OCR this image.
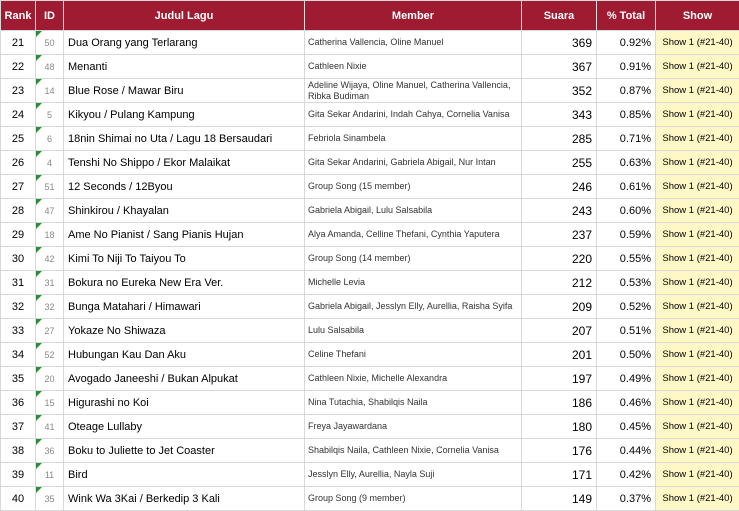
Rank	ID	Judul Lagu	Member	Suara	% Total	Show
21	50	Dua Orang yang Terlarang	Catherina Vallencia, Oline Manuel	369	0.92%	Show 1 (#21-40)
22	48	Menanti	Cathleen Nixie	367	0.91%	Show 1 (#21-40)
23	14	Blue Rose / Mawar Biru	Adeline Wijaya, Oline Manuel, Catherina Vallencia, Ribka Budiman	352	0.87%	Show 1 (#21-40)
24	5	Kikyou / Pulang Kampung	Gita Sekar Andarini, Indah Cahya, Cornelia Vanisa	343	0.85%	Show 1 (#21-40)
25	6	18nin Shimai no Uta / Lagu 18 Bersaudari	Febriola Sinambela	285	0.71%	Show 1 (#21-40)
26	4	Tenshi No Shippo / Ekor Malaikat	Gita Sekar Andarini, Gabriela Abigail, Nur Intan	255	0.63%	Show 1 (#21-40)
27	51	12 Seconds / 12Byou	Group Song (15 member)	246	0.61%	Show 1 (#21-40)
28	47	Shinkirou / Khayalan	Gabriela Abigail, Lulu Salsabila	243	0.60%	Show 1 (#21-40)
29	18	Ame No Pianist / Sang Pianis Hujan	Alya Amanda, Celline Thefani, Cynthia Yaputera	237	0.59%	Show 1 (#21-40)
30	42	Kimi To Niji To Taiyou To	Group Song (14 member)	220	0.55%	Show 1 (#21-40)
31	31	Bokura no Eureka New Era Ver.	Michelle Levia	212	0.53%	Show 1 (#21-40)
32	32	Bunga Matahari / Himawari	Gabriela Abigail, Jesslyn Elly, Aurellia, Raisha Syifa	209	0.52%	Show 1 (#21-40)
33	27	Yokaze No Shiwaza	Lulu Salsabila	207	0.51%	Show 1 (#21-40)
34	52	Hubungan Kau Dan Aku	Celine Thefani	201	0.50%	Show 1 (#21-40)
35	20	Avogado Janeeshi / Bukan Alpukat	Cathleen Nixie, Michelle Alexandra	197	0.49%	Show 1 (#21-40)
36	15	Higurashi no Koi	Nina Tutachia, Shabilqis Naila	186	0.46%	Show 1 (#21-40)
37	41	Oteage Lullaby	Freya Jayawardana	180	0.45%	Show 1 (#21-40)
38	36	Boku to Juliette to Jet Coaster	Shabilqis Naila, Cathleen Nixie, Cornelia Vanisa	176	0.44%	Show 1 (#21-40)
39	11	Bird	Jesslyn Elly, Aurellia, Nayla Suji	171	0.42%	Show 1 (#21-40)
40	35	Wink Wa 3Kai / Berkedip 3 Kali	Group Song (9 member)	149	0.37%	Show 1 (#21-40)
